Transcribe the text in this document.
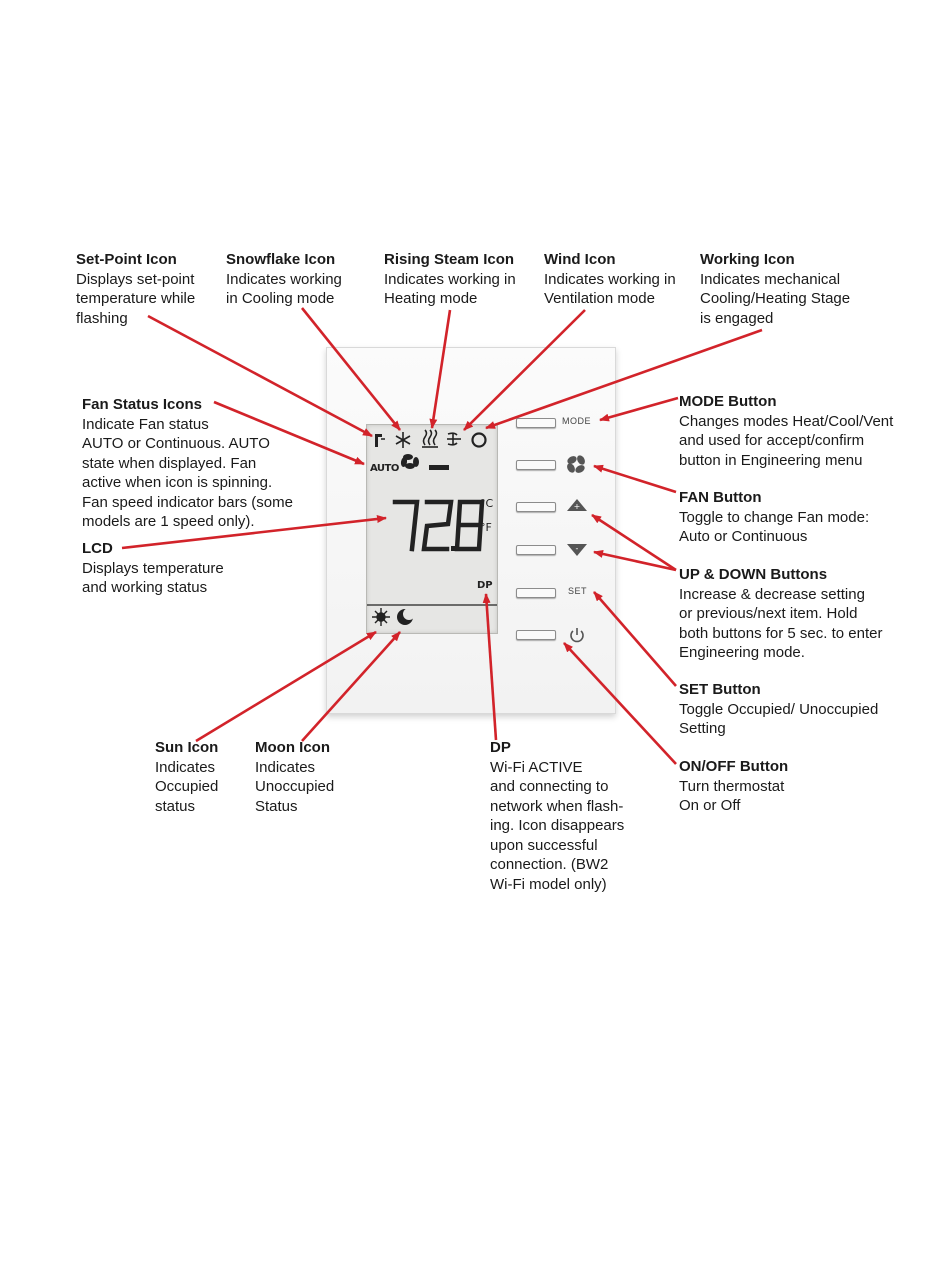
AUTO
°C
°F
DP
MODE
+
-
SET
Set-Point Icon
Displays set-point
temperature while
flashing
Snowflake Icon
Indicates working
in Cooling mode
Rising Steam Icon
Indicates working in
Heating mode
Wind Icon
Indicates working in
Ventilation mode
Working Icon
Indicates mechanical
Cooling/Heating Stage
is engaged
Fan Status Icons
Indicate Fan status
AUTO or Continuous. AUTO
state when displayed. Fan
active when icon is spinning.
Fan speed indicator bars (some
models are 1 speed only).
LCD
Displays temperature
and working status
MODE Button
Changes modes Heat/Cool/Vent
and used for accept/confirm
button in Engineering menu
FAN Button
Toggle to change Fan mode:
Auto or Continuous
UP & DOWN Buttons
Increase & decrease setting
or previous/next item. Hold
both buttons for 5 sec. to enter
Engineering mode.
SET Button
Toggle Occupied/ Unoccupied
Setting
ON/OFF Button
Turn thermostat
On or Off
Sun Icon
Indicates
Occupied
status
Moon Icon
Indicates
Unoccupied
Status
DP
Wi-Fi ACTIVE
and connecting to
network when flash-
ing. Icon disappears
upon successful
connection. (BW2
Wi-Fi model only)
